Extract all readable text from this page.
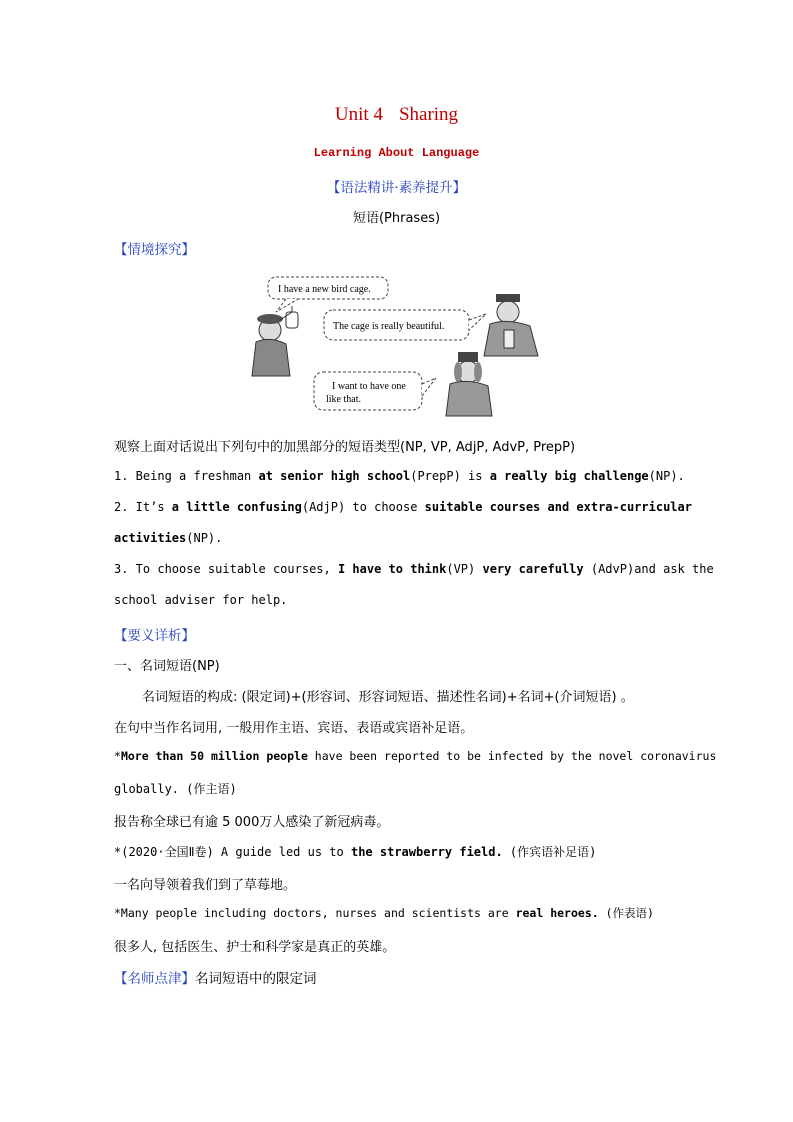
Unit 4 Sharing
Learning About Language
【语法精讲·素养提升】
短语(Phrases)
【情境探究】
I have a new bird cage.
The cage is really beautiful.
I want to have one
like that.
观察上面对话说出下列句中的加黑部分的短语类型(NP, VP, AdjP, AdvP, PrepP)
1. Being a freshman at senior high school(PrepP) is a really big challenge(NP).
2. It’s a little confusing(AdjP) to choose suitable courses and extra-curricular
activities(NP).
3. To choose suitable courses, I have to think(VP) very carefully (AdvP)and ask the
school adviser for help.
【要义详析】
一、名词短语(NP)
名词短语的构成: (限定词)+(形容词、形容词短语、描述性名词)+名词+(介词短语) 。
在句中当作名词用, 一般用作主语、宾语、表语或宾语补足语。
*More than 50 million people have been reported to be infected by the novel coronavirus
globally. (作主语)
报告称全球已有逾 5 000万人感染了新冠病毒。
*(2020·全国Ⅱ卷) A guide led us to the strawberry field. (作宾语补足语)
一名向导领着我们到了草莓地。
*Many people including doctors, nurses and scientists are real heroes. (作表语)
很多人, 包括医生、护士和科学家是真正的英雄。
【名师点津】名词短语中的限定词
